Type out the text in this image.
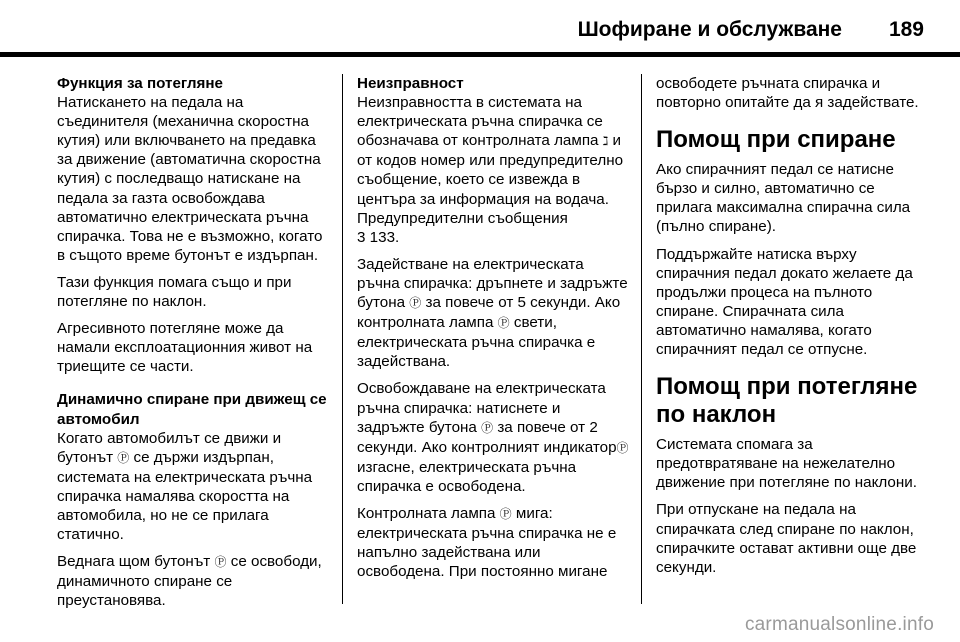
Шофиране и обслужване 189
Функция за потегляне

Натискането на педала на съединителя (механична скоростна кутия) или включването на предавка за движение (автоматична скоростна кутия) с последващо натискане на педала за газта освобождава автоматично електрическата ръчна спирачка. Това не е възможно, когато в същото време бутонът е издърпан.

Тази функция помага също и при потегляне по наклон.

Агресивното потегляне може да намали експлоатационния живот на триещите се части.

Динамично спиране при движещ се автомобил

Когато автомобилът се движи и бутонът Ⓟ се държи издърпан, системата на електрическата ръчна спирачка намалява скоростта на автомобила, но не се прилага статично.

Веднага щом бутонът Ⓟ се освободи, динамичното спиране се преустановява.

Неизправност

Неизправността в системата на електрическата ръчна спирачка се обозначава от контролната лампа ℷ и от кодов номер или предупредително съобщение, което се извежда в центъра за информация на водача.
Предупредителни съобщения
3 133.

Задействане на електрическата ръчна спирачка: дръпнете и задръжте бутона Ⓟ за повече от 5 секунди. Ако контролната лампа Ⓟ свети, електрическата ръчна спирачка е задействана.

Освобождаване на електрическата ръчна спирачка: натиснете и задръжте бутона Ⓟ за повече от 2 секунди. Ако контролният индикаторⓅ изгасне, електрическата ръчна спирачка е освободена.

Контролната лампа Ⓟ мига: електрическата ръчна спирачка не е напълно задействана или освободена. При постоянно мигане

освободете ръчната спирачка и повторно опитайте да я задействате.

Помощ при спиране

Ако спирачният педал се натисне бързо и силно, автоматично се прилага максимална спирачна сила (пълно спиране).

Поддържайте натиска върху спирачния педал докато желаете да продължи процеса на пълното спиране. Спирачната сила автоматично намалява, когато спирачният педал се отпусне.

Помощ при потегляне по наклон

Системата спомага за предотвратяване на нежелателно движение при потегляне по наклони.

При отпускане на педала на спирачката след спиране по наклон, спирачките остават активни още две секунди.

carmanualsonline.info
